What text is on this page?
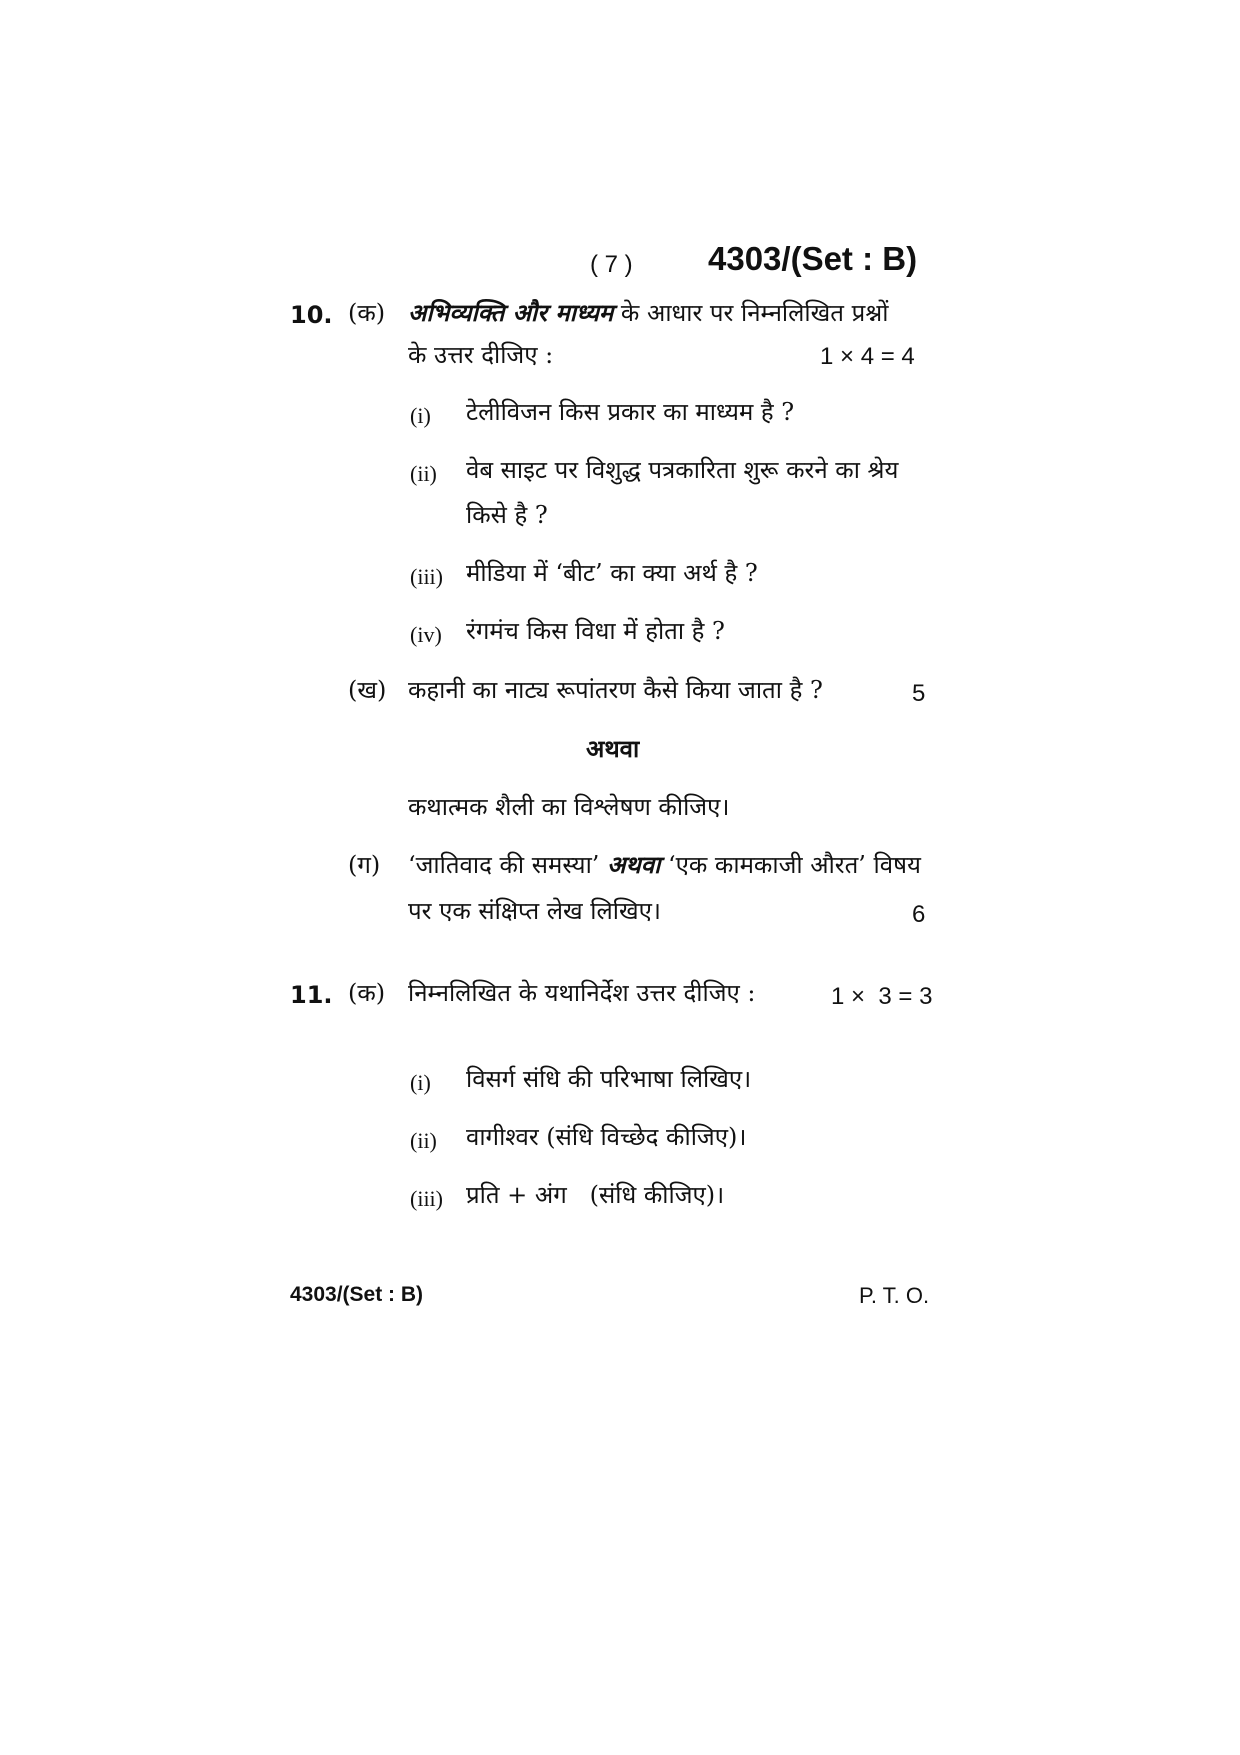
( 7 ) 4303/(Set : B)
10. (क) अभिव्यक्ति और माध्यम के आधार पर निम्नलिखित प्रश्नों
के उत्तर दीजिए :	1 × 4 = 4
(i) टेलीविजन किस प्रकार का माध्यम है ?
(ii) वेब साइट पर विशुद्ध पत्रकारिता शुरू करने का श्रेय
किसे है ?
(iii) मीडिया में ‘बीट’ का क्या अर्थ है ?
(iv) रंगमंच किस विधा में होता है ?
(ख) कहानी का नाट्य रूपांतरण कैसे किया जाता है ?	5
अथवा
कथात्मक शैली का विश्लेषण कीजिए।
(ग) ‘जातिवाद की समस्या’ अथवा ‘एक कामकाजी औरत’ विषय
पर एक संक्षिप्त लेख लिखिए।	6
11. (क) निम्नलिखित के यथानिर्देश उत्तर दीजिए :	1 ×  3 = 3
(i) विसर्ग संधि की परिभाषा लिखिए।
(ii) वागीश्वर (संधि विच्छेद कीजिए)।
(iii) प्रति + अंग   (संधि कीजिए)।
4303/(Set : B)	P. T. O.
